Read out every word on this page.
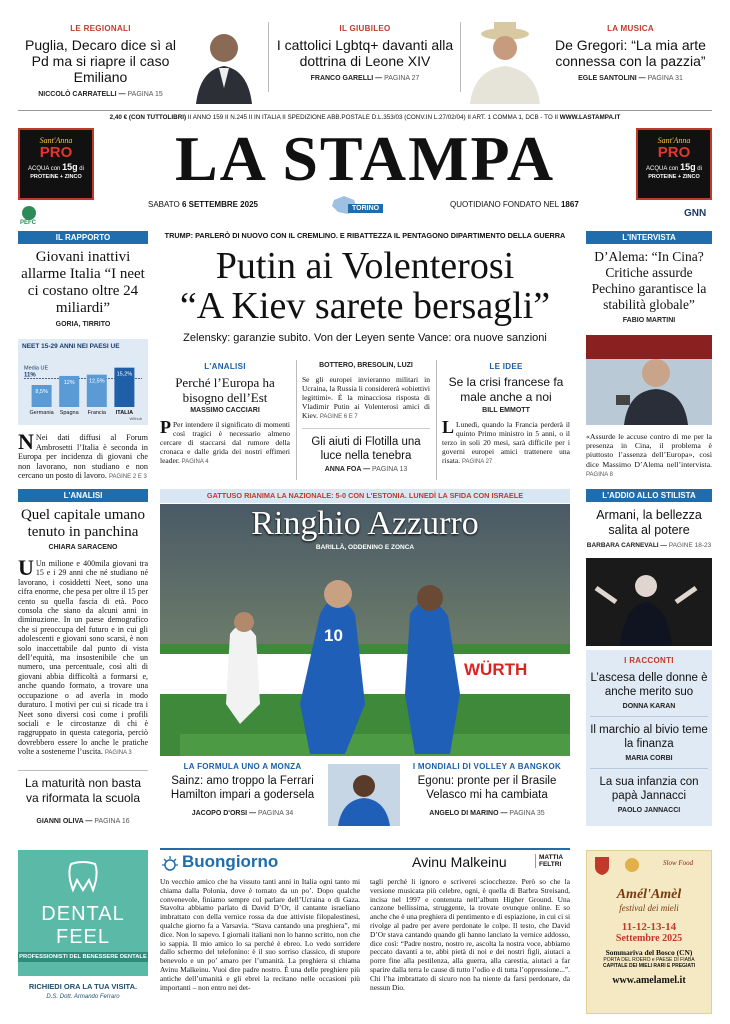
LE REGIONALI
Puglia, Decaro dice sì al Pd ma si riapre il caso Emiliano
NICCOLÒ CARRATELLI — PAGINA 15
IL GIUBILEO
I cattolici Lgbtq+ davanti alla dottrina di Leone XIV
FRANCO GARELLI — PAGINA 27
LA MUSICA
De Gregori: “La mia arte connessa con la pazzia”
EGLE SANTOLINI — PAGINA 31
2,40 € (CON TUTTOLIBRI) II ANNO 159 II N.245 II IN ITALIA II SPEDIZIONE ABB.POSTALE D.L.353/03 (CONV.IN L.27/02/04) II ART. 1 COMMA 1, DCB - TO II WWW.LASTAMPA.IT
Sant'Anna
PRO
ACQUA con 15g di
PROTEINE + ZINCO
Sant'Anna
PRO
ACQUA con 15g di
PROTEINE + ZINCO
LA STAMPA
PEFC
SABATO 6 SETTEMBRE 2025	TORINO	QUOTIDIANO FONDATO NEL 1867
GNN
IL RAPPORTO
Giovani inattivi allarme Italia “I neet ci costano oltre 24 miliardi”
GORIA, TIRRITO
NEET 15-29 ANNI NEI PAESI UE
Media UE
11%
8,5%
Germania
12%
Spagna
12,5%
Francia
15,2%
ITALIA
Withub
N Nei dati diffusi al Forum Ambrosetti l’Italia è seconda in Europa per incidenza di giovani che non lavorano, non studiano e non cercano un posto di lavoro. PAGINE 2 E 3
L'ANALISI
Quel capitale umano tenuto in panchina
CHIARA SARACENO
U Un milione e 400mila giovani tra 15 e i 29 anni che né studiano né lavorano, i cosiddetti Neet, sono una cifra enorme, che pesa per oltre il 15 per cento su quella fascia di età. Poco consola che siano da alcuni anni in diminuzione. In un paese demografico che si preoccupa del futuro e in cui gli adolescenti e giovani sono scarsi, è non solo inaccettabile dal punto di vista dell’equità, ma insostenibile che un numero, una percentuale, così alti di giovani abbia difficoltà a formarsi e, anche quando formato, a trovare una occupazione o ad averla in modo duraturo. I motivi per cui si ricade tra i Neet sono diversi così come i profili sociali e le circostanze di chi è raggruppato in questa categoria, perciò dovrebbero essere lo anche le pratiche volte a sostenerne l’uscita. PAGINA 3
La maturità non basta va riformata la scuola
GIANNI OLIVA — PAGINA 16
TRUMP: PARLERÒ DI NUOVO CON IL CREMLINO. E RIBATTEZZA IL PENTAGONO DIPARTIMENTO DELLA GUERRA
Putin ai Volenterosi
“A Kiev sarete bersagli”
Zelensky: garanzie subito. Von der Leyen sente Vance: ora nuove sanzioni
L'ANALISI
Perché l’Europa ha bisogno dell’Est
MASSIMO CACCIARI
P Per intendere il significato di momenti così tragici è necessario almeno cercare di staccarsi dal rumore della cronaca e dalle grida dei nostri effimeri leader. PAGINA 4
BOTTERO, BRESOLIN, LUZI
Se gli europei invieranno militari in Ucraina, la Russia li considererà «obiettivi legittimi». È la minacciosa risposta di Vladimir Putin ai Volenterosi amici di Kiev. PAGINE 6 E 7
Gli aiuti di Flotilla una luce nella tenebra
ANNA FOA — PAGINA 13
LE IDEE
Se la crisi francese fa male anche a noi
BILL EMMOTT
L Lunedì, quando la Francia perderà il quinto Primo ministro in 5 anni, o il terzo in soli 20 mesi, sarà difficile per i governi europei amici trattenere una risata. PAGINA 27
GATTUSO RIANIMA LA NAZIONALE: 5-0 CON L'ESTONIA. LUNEDÌ LA SFIDA CON ISRAELE
Ringhio Azzurro
BARILLÀ, ODDENINO E ZONCA
WÜRTH
10
LA FORMULA UNO A MONZA
Sainz: amo troppo la Ferrari Hamilton impari a godersela
JACOPO D'ORSI — PAGINA 34
I MONDIALI DI VOLLEY A BANGKOK
Egonu: pronte per il Brasile Velasco mi ha cambiata
ANGELO DI MARINO — PAGINA 35
L'INTERVISTA
D’Alema: “In Cina? Critiche assurde Pechino garantisce la stabilità globale”
FABIO MARTINI
«Assurde le accuse contro di me per la presenza in Cina, il problema è piuttosto l’assenza dell’Europa», così dice Massimo D’Alema nell’intervista. PAGINA 8
L'ADDIO ALLO STILISTA
Armani, la bellezza salita al potere
BARBARA CARNEVALI — PAGINE 18-23
I RACCONTI
L’ascesa delle donne è anche merito suo
DONNA KARAN
Il marchio al bivio teme la finanza
MARIA CORBI
La sua infanzia con papà Jannacci
PAOLO JANNACCI
DENTAL FEEL
PROFESSIONISTI DEL BENESSERE DENTALE
RICHIEDI ORA LA TUA VISITA.
D.S. Dott. Armando Ferraro
Buongiorno	Avinu Malkeinu	MATTIA FELTRI
Un vecchio amico che ha vissuto tanti anni in Italia ogni tanto mi chiama dalla Polonia, dove è tornato da un po’. Dopo qualche convenevole, finiamo sempre col parlare dell’Ucraina o di Gaza. Stavolta abbiamo parlato di David D’Or, il cantante israeliano imbrattato con della vernice rossa da due attiviste filopalestinesi, qualche giorno fa a Varsavia. “Stava cantando una preghiera”, mi dice. Non lo sapevo. I giornali italiani non lo hanno scritto, non che io sappia. Il mio amico lo sa perché è ebreo. Lo vedo sorridere dallo schermo del telefonino: è il suo sorriso classico, di stupore benevolo e un po’ amaro per l’umanità. La preghiera si chiama Avinu Malkeinu. Vuoi dire padre nostro. È una delle preghiere più antiche dell’umanità e gli ebrei la recitano nelle occasioni più importanti – non entro nei det-
tagli perché li ignoro e scriverei sciocchezze. Però so che la versione musicata più celebre, ogni, è quella di Barbra Streisand, incisa nel 1997 e contenuta nell’album Higher Ground. Una canzone bellissima, struggente, la trovate ovunque online. E so anche che è una preghiera di pentimento e di espiazione, in cui ci si rivolge al padre per avere perdonate le colpe. Il testo, che David D’Or stava cantando quando gli hanno lanciato la vernice addosso, dice così: “Padre nostro, nostro re, ascolta la nostra voce, abbiamo peccato davanti a te, abbi pietà di noi e dei nostri figli, aiutaci a porre fine alla pestilenza, alla guerra, alla carestia, aiutaci a far sparire dalla terra le cause di tutto l’odio e di tutta l’oppressione...”. Chi l’ha imbrattato di sicuro non ha niente da farsi perdonare, da nessun Dio.
Slow Food
Amél'Amèl
festival dei mieli
11-12-13-14
Settembre 2025
Sommariva del Bosco (CN)
PORTA DEL ROERO e PAESE DI FIABA
CAPITALE DEI MIELI RARI E PREGIATI
www.amelamel.it
